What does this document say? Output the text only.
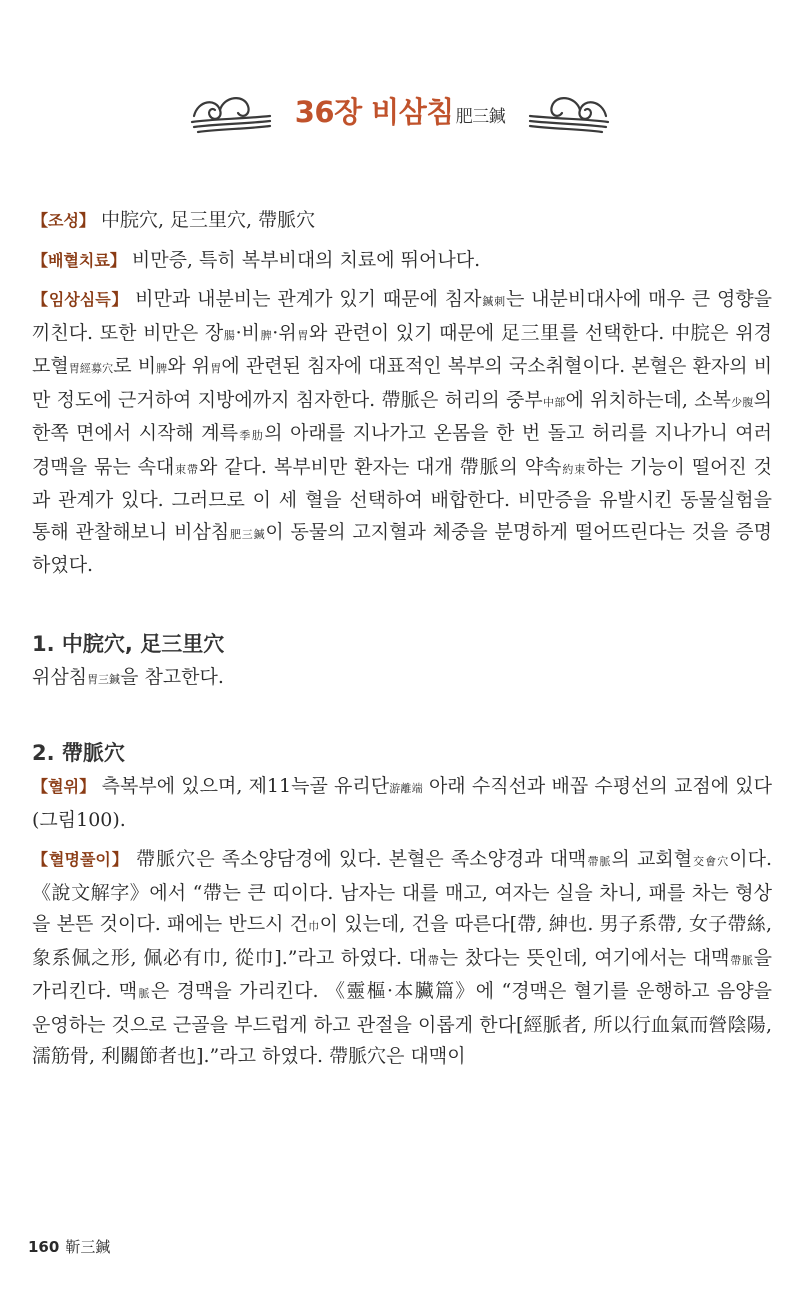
36장 비삼침 肥三鍼

【조성】 中脘穴, 足三里穴, 帶脈穴

【배혈치료】 비만증, 특히 복부비대의 치료에 뛰어나다.

【임상심득】 비만과 내분비는 관계가 있기 때문에 침자鍼刺는 내분비대사에 매우 큰 영향을 끼친다. 또한 비만은 장腸·비脾·위胃와 관련이 있기 때문에 足三里를 선택한다. 中脘은 위경모혈胃經募穴로 비脾와 위胃에 관련된 침자에 대표적인 복부의 국소취혈이다. 본혈은 환자의 비만 정도에 근거하여 지방에까지 침자한다. 帶脈은 허리의 중부中部에 위치하는데, 소복少腹의 한쪽 면에서 시작해 계륵季肋의 아래를 지나가고 온몸을 한 번 돌고 허리를 지나가니 여러 경맥을 묶는 속대束帶와 같다. 복부비만 환자는 대개 帶脈의 약속約束하는 기능이 떨어진 것과 관계가 있다. 그러므로 이 세 혈을 선택하여 배합한다. 비만증을 유발시킨 동물실험을 통해 관찰해보니 비삼침肥三鍼이 동물의 고지혈과 체중을 분명하게 떨어뜨린다는 것을 증명하였다.

1. 中脘穴, 足三里穴

위삼침胃三鍼을 참고한다.

2. 帶脈穴

【혈위】 측복부에 있으며, 제11늑골 유리단游離端 아래 수직선과 배꼽 수평선의 교점에 있다(그림100).

【혈명풀이】 帶脈穴은 족소양담경에 있다. 본혈은 족소양경과 대맥帶脈의 교회혈交會穴이다. 《說文解字》에서 “帶는 큰 띠이다. 남자는 대를 매고, 여자는 실을 차니, 패를 차는 형상을 본뜬 것이다. 패에는 반드시 건巾이 있는데, 건을 따른다[帶, 紳也. 男子系帶, 女子帶絲, 象系佩之形, 佩必有巾, 從巾].”라고 하였다. 대帶는 찼다는 뜻인데, 여기에서는 대맥帶脈을 가리킨다. 맥脈은 경맥을 가리킨다. 《靈樞·本臟篇》에 “경맥은 혈기를 운행하고 음양을 운영하는 것으로 근골을 부드럽게 하고 관절을 이롭게 한다[經脈者, 所以行血氣而營陰陽, 濡筋骨, 利關節者也].”라고 하였다. 帶脈穴은 대맥이

160 靳三鍼
